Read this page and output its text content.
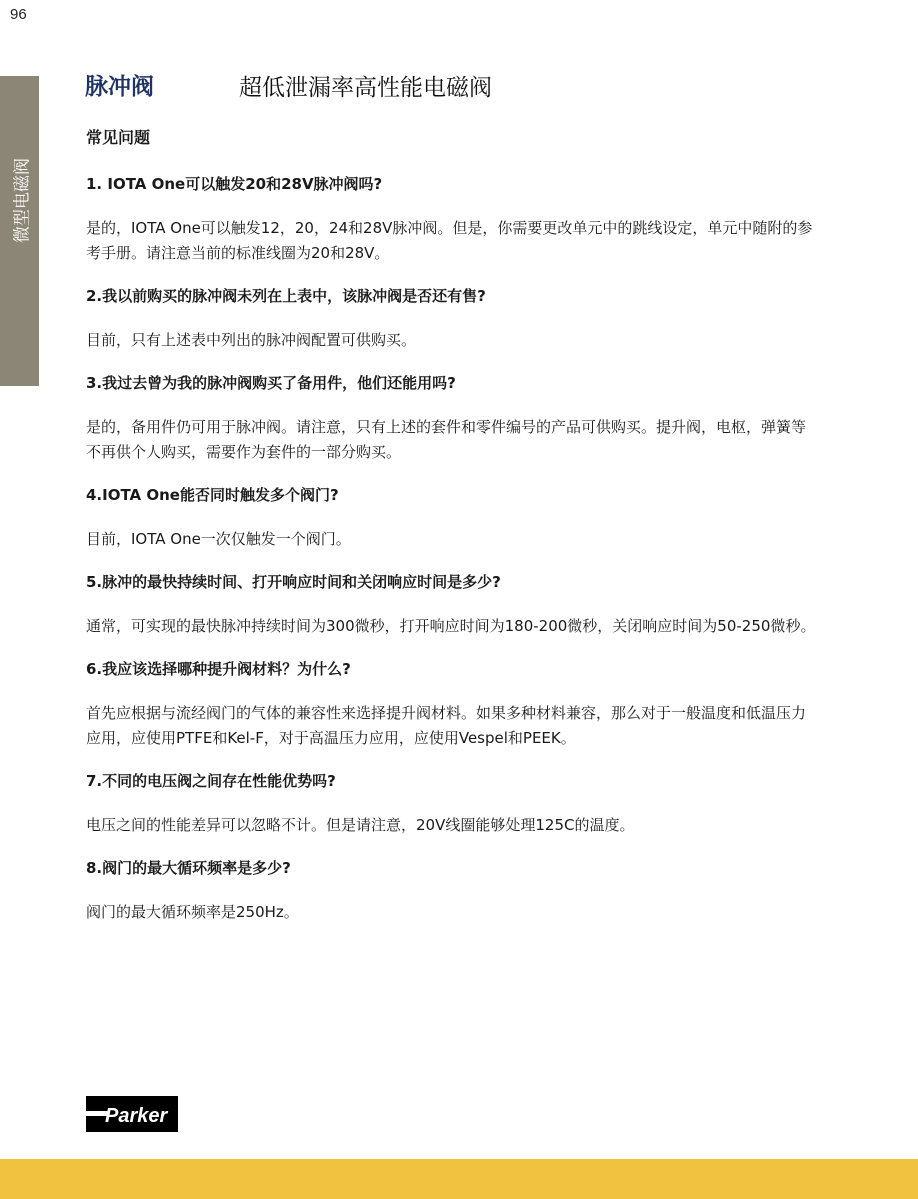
96
微型电磁阀
脉冲阀	超低泄漏率高性能电磁阀
常见问题
1. IOTA One可以触发20和28V脉冲阀吗?
是的，IOTA One可以触发12，20，24和28V脉冲阀。但是，你需要更改单元中的跳线设定，单元中随附的参考手册。请注意当前的标准线圈为20和28V。
2.我以前购买的脉冲阀未列在上表中，该脉冲阀是否还有售?
目前，只有上述表中列出的脉冲阀配置可供购买。
3.我过去曾为我的脉冲阀购买了备用件，他们还能用吗?
是的，备用件仍可用于脉冲阀。请注意，只有上述的套件和零件编号的产品可供购买。提升阀，电枢，弹簧等不再供个人购买，需要作为套件的一部分购买。
4.IOTA One能否同时触发多个阀门?
目前，IOTA One一次仅触发一个阀门。
5.脉冲的最快持续时间、打开响应时间和关闭响应时间是多少?
通常，可实现的最快脉冲持续时间为300微秒，打开响应时间为180-200微秒，关闭响应时间为50-250微秒。
6.我应该选择哪种提升阀材料？为什么?
首先应根据与流经阀门的气体的兼容性来选择提升阀材料。如果多种材料兼容，那么对于一般温度和低温压力应用，应使用PTFE和Kel-F，对于高温压力应用，应使用Vespel和PEEK。
7.不同的电压阀之间存在性能优势吗?
电压之间的性能差异可以忽略不计。但是请注意，20V线圈能够处理125C的温度。
8.阀门的最大循环频率是多少?
阀门的最大循环频率是250Hz。
Parker
